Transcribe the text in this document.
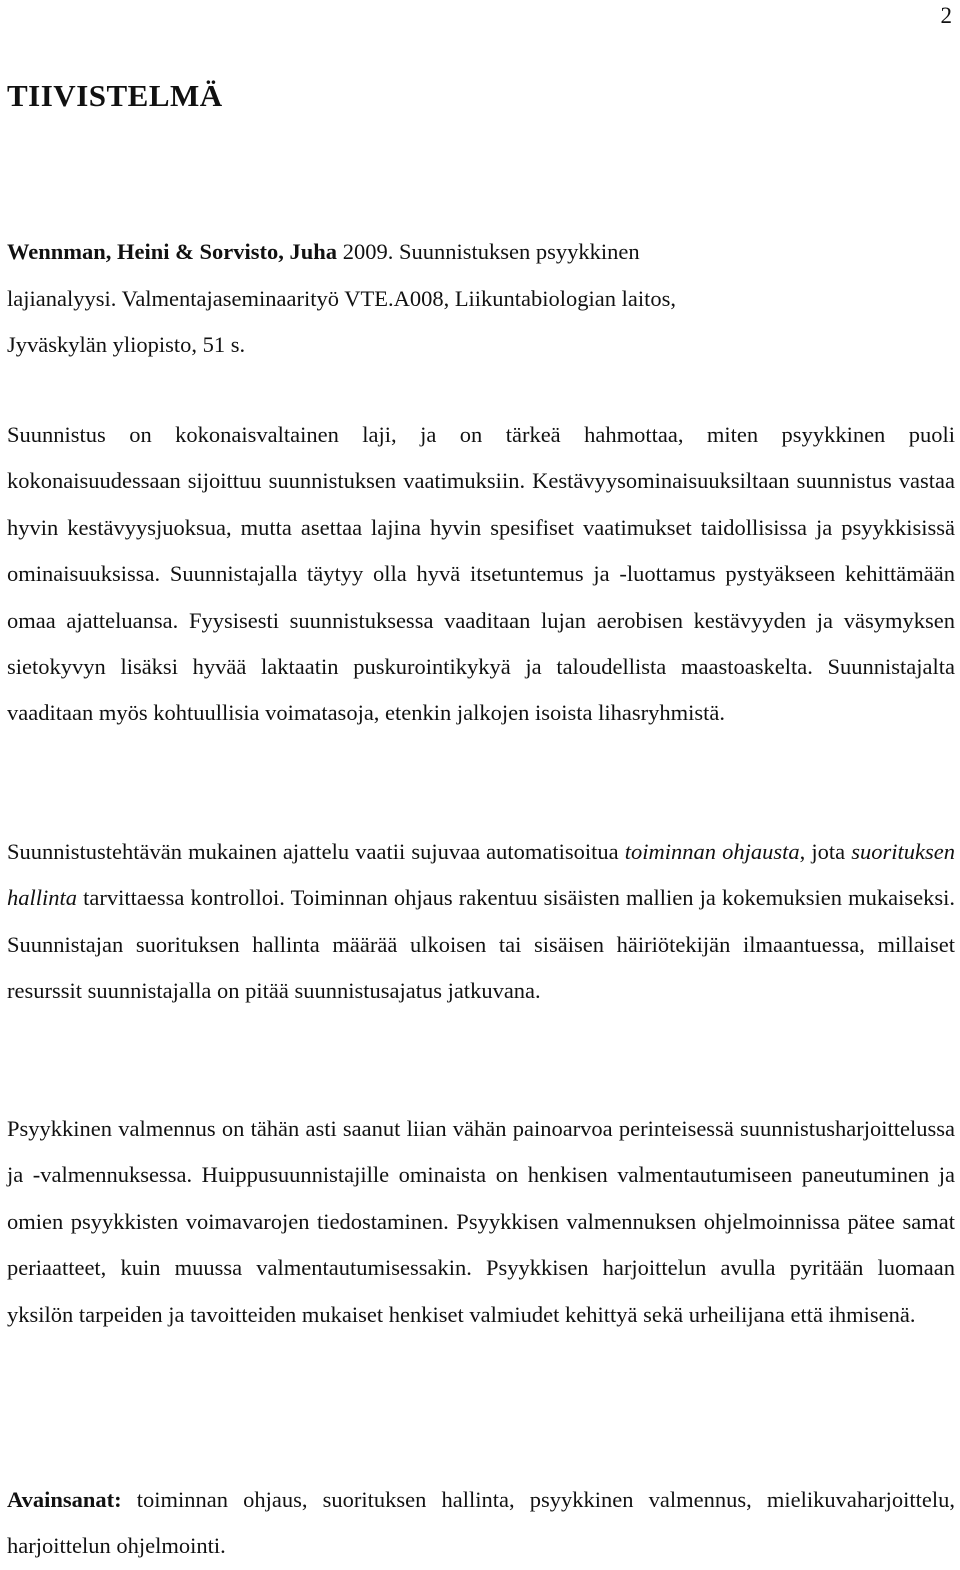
2
TIIVISTELMÄ

Wennman, Heini & Sorvisto, Juha 2009. Suunnistuksen psyykkinen lajianalyysi. Valmentajaseminaarityö VTE.A008, Liikuntabiologian laitos, Jyväskylän yliopisto, 51 s.

Suunnistus on kokonaisvaltainen laji, ja on tärkeä hahmottaa, miten psyykkinen puoli kokonaisuudessaan sijoittuu suunnistuksen vaatimuksiin. Kestävyysominaisuuksiltaan suunnistus vastaa hyvin kestävyysjuoksua, mutta asettaa lajina hyvin spesifiset vaatimukset taidollisissa ja psyykkisissä ominaisuuksissa. Suunnistajalla täytyy olla hyvä itsetuntemus ja -luottamus pystyäkseen kehittämään omaa ajatteluansa. Fyysisesti suunnistuksessa vaaditaan lujan aerobisen kestävyyden ja väsymyksen sietokyvyn lisäksi hyvää laktaatin puskurointikykyä ja taloudellista maastoaskelta. Suunnistajalta vaaditaan myös kohtuullisia voimatasoja, etenkin jalkojen isoista lihasryhmistä.

Suunnistustehtävän mukainen ajattelu vaatii sujuvaa automatisoitua toiminnan ohjausta, jota suorituksen hallinta tarvittaessa kontrolloi. Toiminnan ohjaus rakentuu sisäisten mallien ja kokemuksien mukaiseksi. Suunnistajan suorituksen hallinta määrää ulkoisen tai sisäisen häiriötekijän ilmaantuessa, millaiset resurssit suunnistajalla on pitää suunnistusajatus jatkuvana.

Psyykkinen valmennus on tähän asti saanut liian vähän painoarvoa perinteisessä suunnistusharjoittelussa ja -valmennuksessa. Huippusuunnistajille ominaista on henkisen valmentautumiseen paneutuminen ja omien psyykkisten voimavarojen tiedostaminen. Psyykkisen valmennuksen ohjelmoinnissa pätee samat periaatteet, kuin muussa valmentautumisessakin. Psyykkisen harjoittelun avulla pyritään luomaan yksilön tarpeiden ja tavoitteiden mukaiset henkiset valmiudet kehittyä sekä urheilijana että ihmisenä.

Avainsanat: toiminnan ohjaus, suorituksen hallinta, psyykkinen valmennus, mielikuvaharjoittelu, harjoittelun ohjelmointi.
